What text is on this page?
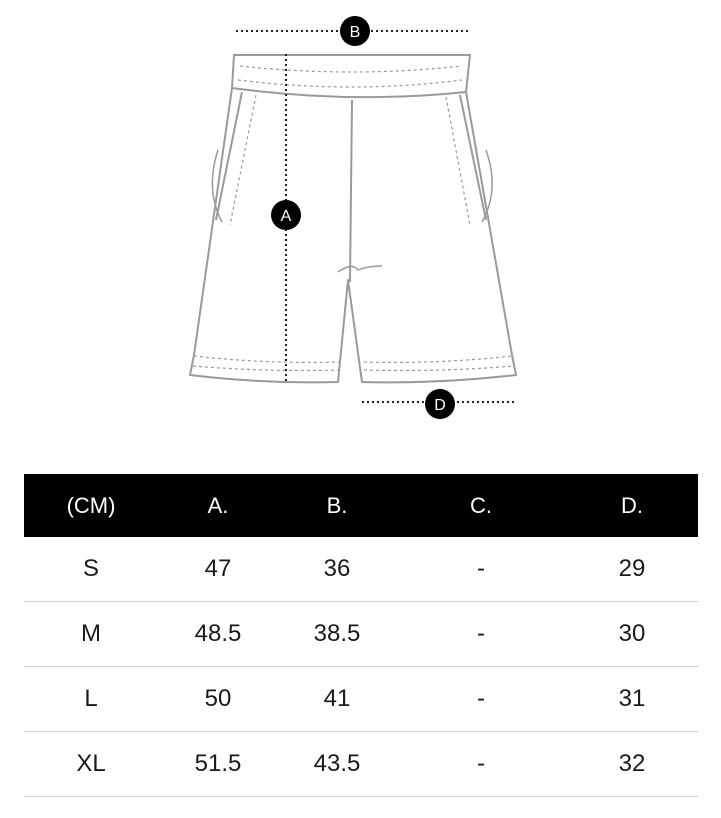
B
A
D
(CM)	A.	B.	C.	D.
S	47	36	-	29
M	48.5	38.5	-	30
L	50	41	-	31
XL	51.5	43.5	-	32
